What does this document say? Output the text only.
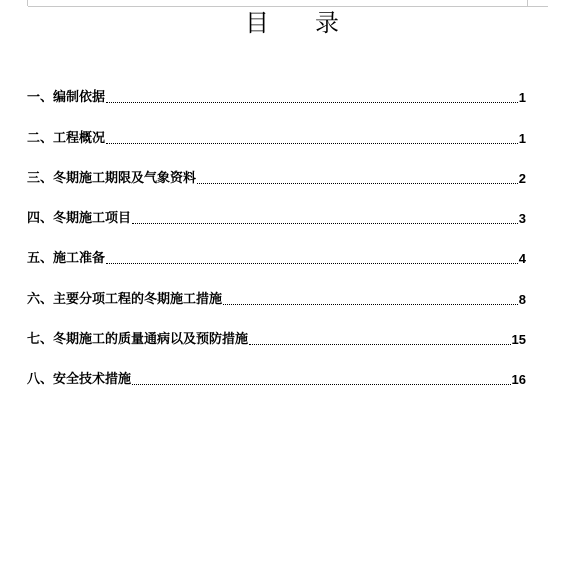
目 录
一、编制依据	1
二、工程概况	1
三、冬期施工期限及气象资料	2
四、冬期施工项目	3
五、施工准备	4
六、主要分项工程的冬期施工措施	8
七、冬期施工的质量通病以及预防措施	15
八、安全技术措施	16
